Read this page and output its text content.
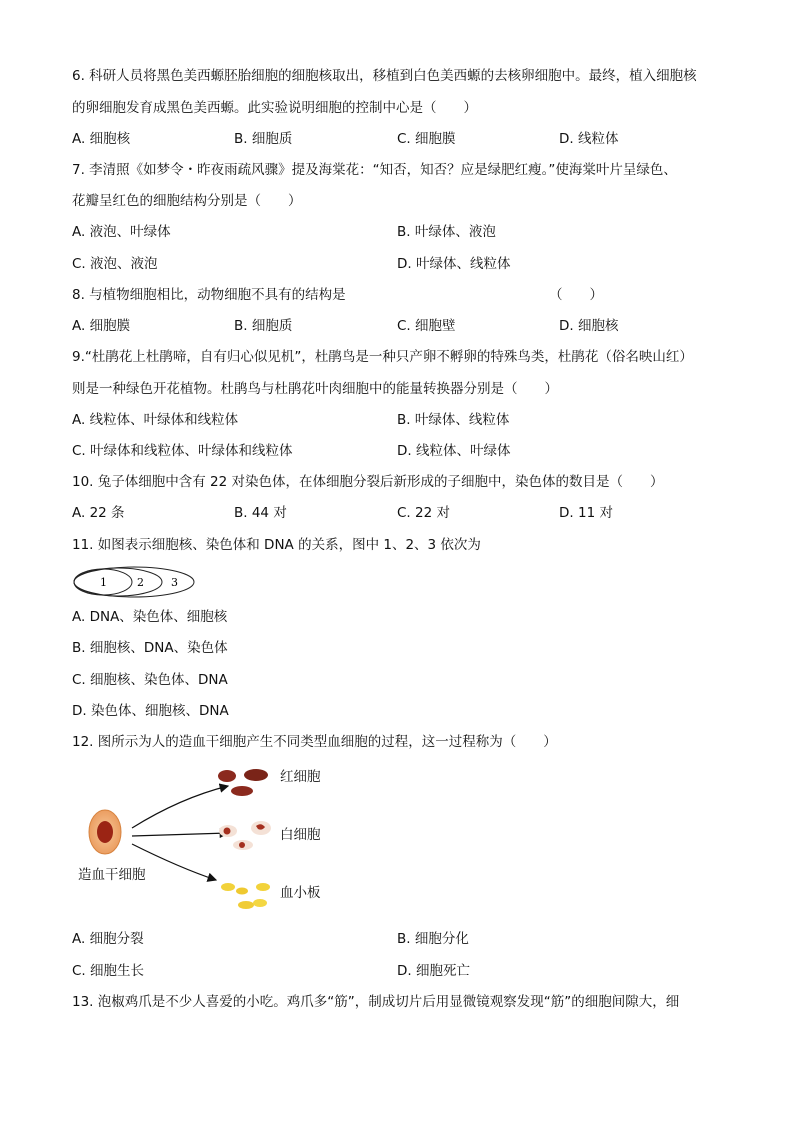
6. 科研人员将黑色美西螈胚胎细胞的细胞核取出，移植到白色美西螈的去核卵细胞中。最终，植入细胞核
的卵细胞发育成黑色美西螈。此实验说明细胞的控制中心是（　　）
A. 细胞核	B. 细胞质	C. 细胞膜	D. 线粒体
7. 李清照《如梦令・昨夜雨疏风骤》提及海棠花：“知否，知否？应是绿肥红瘦。”使海棠叶片呈绿色、
花瓣呈红色的细胞结构分别是（　　）
A. 液泡、叶绿体	B. 叶绿体、液泡
C. 液泡、液泡	D. 叶绿体、线粒体
8. 与植物细胞相比，动物细胞不具有的结构是	（　　）
A. 细胞膜	B. 细胞质	C. 细胞壁	D. 细胞核
9.“杜鹃花上杜鹃啼，自有归心似见机”，杜鹃鸟是一种只产卵不孵卵的特殊鸟类，杜鹃花（俗名映山红）
则是一种绿色开花植物。杜鹃鸟与杜鹃花叶肉细胞中的能量转换器分别是（　　）
A. 线粒体、叶绿体和线粒体	B. 叶绿体、线粒体
C. 叶绿体和线粒体、叶绿体和线粒体	D. 线粒体、叶绿体
10. 兔子体细胞中含有 22 对染色体，在体细胞分裂后新形成的子细胞中，染色体的数目是（　　）
A. 22 条	B. 44 对	C. 22 对	D. 11 对
11. 如图表示细胞核、染色体和 DNA 的关系，图中 1、2、3 依次为
1	2 3
A. DNA、染色体、细胞核
B. 细胞核、DNA、染色体
C. 细胞核、染色体、DNA
D. 染色体、细胞核、DNA
12. 图所示为人的造血干细胞产生不同类型血细胞的过程，这一过程称为（　　）
红细胞
白细胞
造血干细胞
血小板
A. 细胞分裂	B. 细胞分化
C. 细胞生长	D. 细胞死亡
13. 泡椒鸡爪是不少人喜爱的小吃。鸡爪多“筋”，制成切片后用显微镜观察发现“筋”的细胞间隙大，细
